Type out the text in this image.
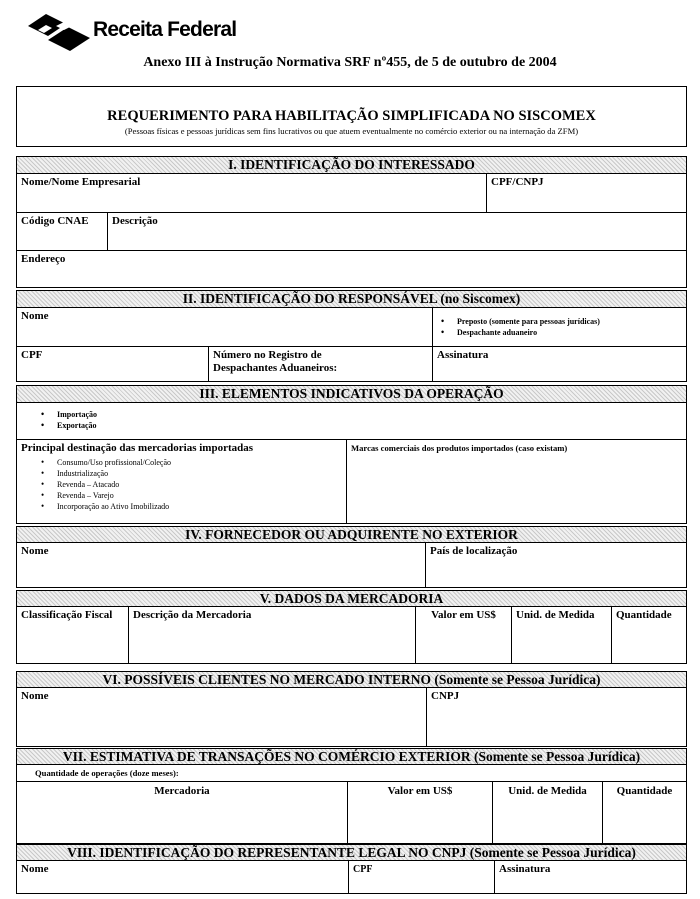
Receita Federal
Anexo III à Instrução Normativa SRF nº455, de 5 de outubro de 2004
REQUERIMENTO PARA HABILITAÇÃO SIMPLIFICADA NO SISCOMEX
(Pessoas físicas e pessoas jurídicas sem fins lucrativos ou que atuem eventualmente no comércio exterior ou na internação da ZFM)
I. IDENTIFICAÇÃO DO INTERESSADO
Nome/Nome Empresarial	CPF/CNPJ
Código CNAE Descrição
Endereço
II. IDENTIFICAÇÃO DO RESPONSÁVEL (no Siscomex)
Nome
•	Preposto (somente para pessoas jurídicas)
• Despachante aduaneiro
CPF	Número no Registro de
Despachantes Aduaneiros:
Assinatura
III. ELEMENTOS INDICATIVOS DA OPERAÇÃO
• Importação
• Exportação
Principal destinação das mercadorias importadas
• Consumo/Uso profissional/Coleção
• Industrialização
• Revenda – Atacado
• Revenda – Varejo
• Incorporação ao Ativo Imobilizado
Marcas comerciais dos produtos importados (caso existam)
IV. FORNECEDOR OU ADQUIRENTE NO EXTERIOR
Nome	País de localização
V. DADOS DA MERCADORIA
Classificação Fiscal Descrição da Mercadoria	Valor em US$	Unid. de Medida Quantidade
VI. POSSÍVEIS CLIENTES NO MERCADO INTERNO (Somente se Pessoa Jurídica)
Nome	CNPJ
VII. ESTIMATIVA DE TRANSAÇÕES NO COMÉRCIO EXTERIOR (Somente se Pessoa Jurídica)
Quantidade de operações (doze meses):
Mercadoria	Valor em US$	Unid. de Medida	Quantidade
VIII. IDENTIFICAÇÃO DO REPRESENTANTE LEGAL NO CNPJ (Somente se Pessoa Jurídica)
Nome	CPF	Assinatura
